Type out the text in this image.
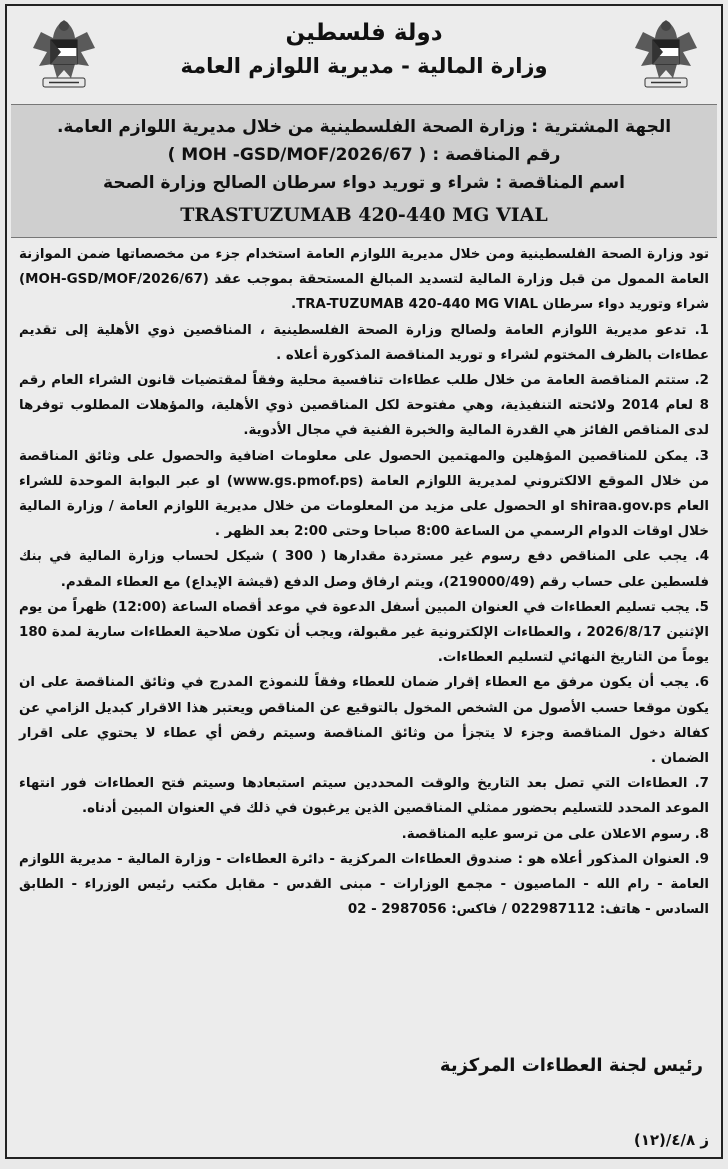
دولة فلسطين
وزارة المالية - مديرية اللوازم العامة
الجهة المشترية : وزارة الصحة الفلسطينية من خلال مديرية اللوازم العامة.
رقم المناقصة : ( MOH -GSD/MOF/2026/67 )
اسم المناقصة : شراء و توريد دواء سرطان الصالح وزارة الصحة
TRASTUZUMAB 420-440 MG VIAL

تود وزارة الصحة الفلسطينية ومن خلال مديرية اللوازم العامة استخدام جزء من مخصصاتها ضمن الموازنة العامة الممول من قبل وزارة المالية لتسديد المبالغ المستحقة بموجب عقد (MOH-GSD/MOF/2026/67) شراء وتوريد دواء سرطان TRA-TUZUMAB 420-440 MG VIAL.

1. تدعو مديرية اللوازم العامة ولصالح وزارة الصحة الفلسطينية ، المناقصين ذوي الأهلية إلى تقديم عطاءات بالظرف المختوم لشراء و توريد المناقصة المذكورة أعلاه .

2. ستتم المناقصة العامة من خلال طلب عطاءات تنافسية محلية وفقاً لمقتضيات قانون الشراء العام رقم 8 لعام 2014 ولائحته التنفيذية، وهي مفتوحة لكل المناقصين ذوي الأهلية، والمؤهلات المطلوب توفرها لدى المناقص الفائز هي القدرة المالية والخبرة الفنية في مجال الأدوية.

3. يمكن للمناقصين المؤهلين والمهتمين الحصول على معلومات اضافية والحصول على وثائق المناقصة من خلال الموقع الالكتروني لمديرية اللوازم العامة (www.gs.pmof.ps) او عبر البوابة الموحدة للشراء العام shiraa.gov.ps او الحصول على مزيد من المعلومات من خلال مديرية اللوازم العامة / وزارة المالية خلال اوقات الدوام الرسمي من الساعة 8:00 صباحا وحتى 2:00 بعد الظهر .

4. يجب على المناقص دفع رسوم غير مستردة مقدارها ( 300 ) شيكل لحساب وزارة المالية في بنك فلسطين على حساب رقم (219000/49)، ويتم ارفاق وصل الدفع (قيشة الإيداع) مع العطاء المقدم.

5. يجب تسليم العطاءات في العنوان المبين أسفل الدعوة في موعد أقصاه الساعة (12:00) ظهراً من يوم الإثنين 2026/8/17 ، والعطاءات الإلكترونية غير مقبولة، ويجب أن تكون صلاحية العطاءات سارية لمدة 180 يوماً من التاريخ النهائي لتسليم العطاءات.

6. يجب أن يكون مرفق مع العطاء إقرار ضمان للعطاء وفقاً للنموذج المدرج في وثائق المناقصة على ان يكون موقعا حسب الأصول من الشخص المخول بالتوقيع عن المناقص ويعتبر هذا الاقرار كبديل الزامي عن كفالة دخول المناقصة وجزء لا يتجزأ من وثائق المناقصة وسيتم رفض أي عطاء لا يحتوي على اقرار الضمان .

7. العطاءات التي تصل بعد التاريخ والوقت المحددين سيتم استبعادها وسيتم فتح العطاءات فور انتهاء الموعد المحدد للتسليم بحضور ممثلي المناقصين الذين يرغبون في ذلك في العنوان المبين أدناه.

8. رسوم الاعلان على من ترسو عليه المناقصة.

9. العنوان المذكور أعلاه هو : صندوق العطاءات المركزية - دائرة العطاءات - وزارة المالية - مديرية اللوازم العامة - رام الله - الماصيون - مجمع الوزارات - مبنى القدس - مقابل مكتب رئيس الوزراء - الطابق السادس - هاتف: 022987112 / فاكس: 2987056 - 02

رئيس لجنة العطاءات المركزية
ز ٤/٨/(١٢)
